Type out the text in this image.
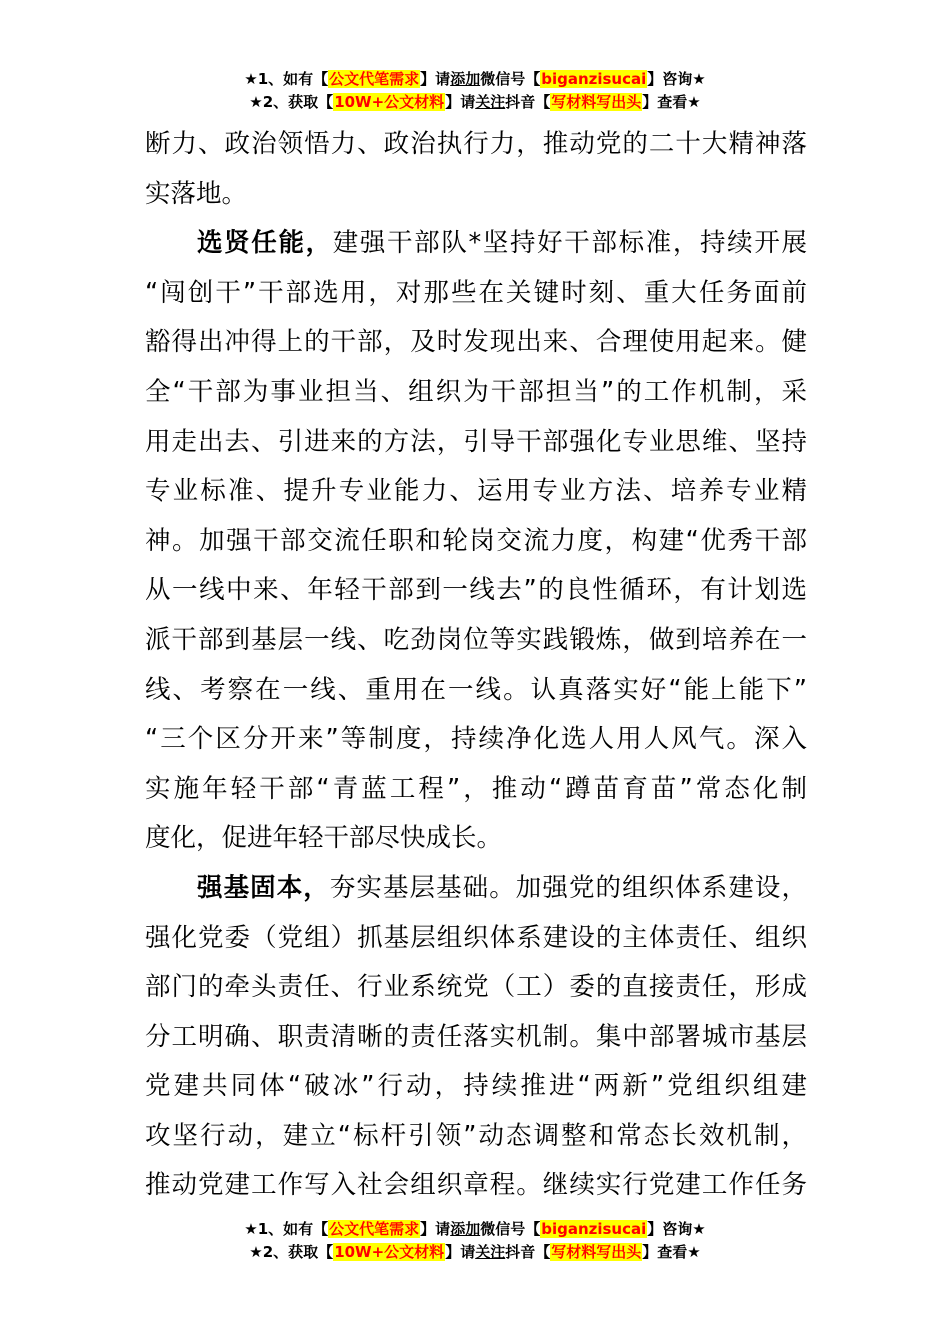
★1、如有【公文代笔需求】请添加微信号【biganzisucai】咨询★
★2、获取【10W+公文材料】请关注抖音【写材料写出头】查看★
断力、政治领悟力、政治执行力，推动党的二十大精神落
实落地。
选贤任能，建强干部队*坚持好干部标准，持续开展
“闯创干”干部选用，对那些在关键时刻、重大任务面前
豁得出冲得上的干部，及时发现出来、合理使用起来。健
全“干部为事业担当、组织为干部担当”的工作机制，采
用走出去、引进来的方法，引导干部强化专业思维、坚持
专业标准、提升专业能力、运用专业方法、培养专业精
神。加强干部交流任职和轮岗交流力度，构建“优秀干部
从一线中来、年轻干部到一线去”的良性循环，有计划选
派干部到基层一线、吃劲岗位等实践锻炼，做到培养在一
线、考察在一线、重用在一线。认真落实好“能上能下”
“三个区分开来”等制度，持续净化选人用人风气。深入
实施年轻干部“青蓝工程”，推动“蹲苗育苗”常态化制
度化，促进年轻干部尽快成长。
强基固本，夯实基层基础。加强党的组织体系建设，
强化党委（党组）抓基层组织体系建设的主体责任、组织
部门的牵头责任、行业系统党（工）委的直接责任，形成
分工明确、职责清晰的责任落实机制。集中部署城市基层
党建共同体“破冰”行动，持续推进“两新”党组织组建
攻坚行动，建立“标杆引领”动态调整和常态长效机制，
推动党建工作写入社会组织章程。继续实行党建工作任务
★1、如有【公文代笔需求】请添加微信号【biganzisucai】咨询★
★2、获取【10W+公文材料】请关注抖音【写材料写出头】查看★
